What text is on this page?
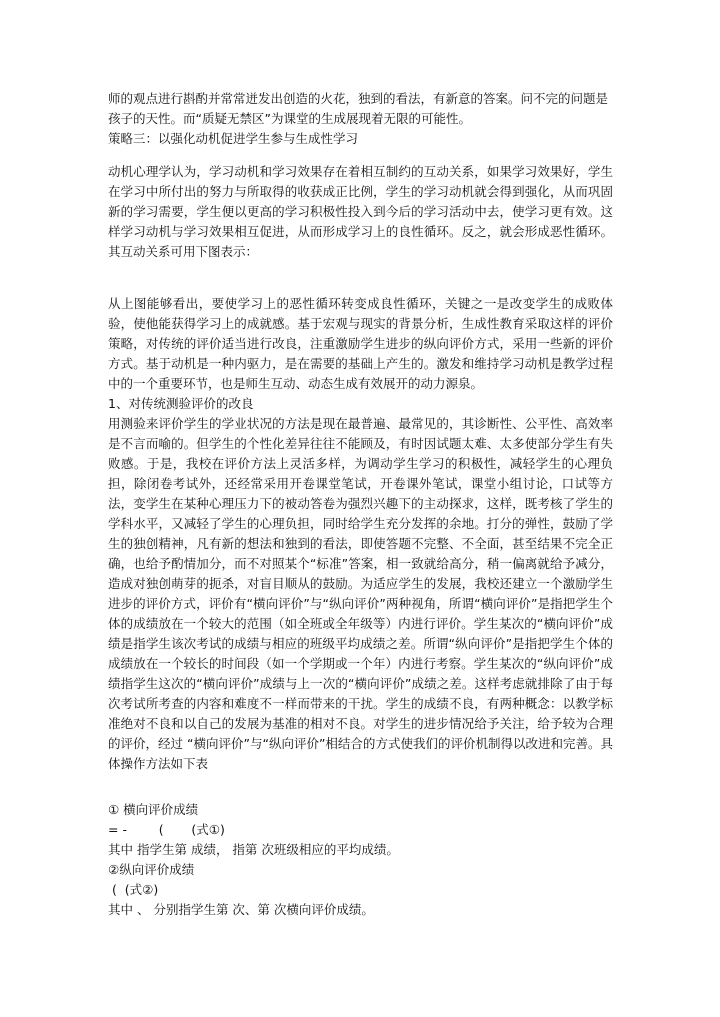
师的观点进行斟酌并常常迸发出创造的火花，独到的看法，有新意的答案。问不完的问题是

孩子的天性。而“质疑无禁区”为课堂的生成展现着无限的可能性。

策略三：以强化动机促进学生参与生成性学习

动机心理学认为，学习动机和学习效果存在着相互制约的互动关系，如果学习效果好，学生在学习中所付出的努力与所取得的收获成正比例，学生的学习动机就会得到强化，从而巩固新的学习需要，学生便以更高的学习积极性投入到今后的学习活动中去，使学习更有效。这样学习动机与学习效果相互促进，从而形成学习上的良性循环。反之，就会形成恶性循环。其互动关系可用下图表示：

从上图能够看出，要使学习上的恶性循环转变成良性循环，关键之一是改变学生的成败体验，使他能获得学习上的成就感。基于宏观与现实的背景分析，生成性教育采取这样的评价策略，对传统的评价适当进行改良，注重激励学生进步的纵向评价方式，采用一些新的评价方式。基于动机是一种内驱力，是在需要的基础上产生的。激发和维持学习动机是教学过程中的一个重要环节，也是师生互动、动态生成有效展开的动力源泉。

1、对传统测验评价的改良

用测验来评价学生的学业状况的方法是现在最普遍、最常见的，其诊断性、公平性、高效率是不言而喻的。但学生的个性化差异往往不能顾及，有时因试题太难、太多使部分学生有失败感。于是，我校在评价方法上灵活多样，为调动学生学习的积极性，减轻学生的心理负担，除闭卷考试外，还经常采用开卷课堂笔试，开卷课外笔试，课堂小组讨论，口试等方法，变学生在某种心理压力下的被动答卷为强烈兴趣下的主动探求，这样，既考核了学生的学科水平，又减轻了学生的心理负担，同时给学生充分发挥的余地。打分的弹性，鼓励了学生的独创精神，凡有新的想法和独到的看法，即使答题不完整、不全面，甚至结果不完全正确，也给予酌情加分，而不对照某个“标准”答案，相一致就给高分，稍一偏离就给予减分，造成对独创萌芽的扼杀，对盲目顺从的鼓励。为适应学生的发展，我校还建立一个激励学生进步的评价方式，评价有“横向评价”与“纵向评价”两种视角，所谓“横向评价”是指把学生个体的成绩放在一个较大的范围（如全班或全年级等）内进行评价。学生某次的“横向评价”成绩是指学生该次考试的成绩与相应的班级平均成绩之差。所谓“纵向评价”是指把学生个体的成绩放在一个较长的时间段（如一个学期或一个年）内进行考察。学生某次的“纵向评价”成绩指学生这次的“横向评价”成绩与上一次的“横向评价”成绩之差。这样考虑就排除了由于每次考试所考查的内容和难度不一样而带来的干扰。学生的成绩不良，有两种概念：以教学标准绝对不良和以自己的发展为基准的相对不良。对学生的进步情况给予关注，给予较为合理的评价，经过 “横向评价”与“纵向评价”相结合的方式使我们的评价机制得以改进和完善。具体操作方法如下表

① 横向评价成绩

= -        (       (式①)

其中 指学生第 成绩， 指第 次班级相应的平均成绩。

②纵向评价成绩

(  (式②)

其中 、 分别指学生第 次、第 次横向评价成绩。
